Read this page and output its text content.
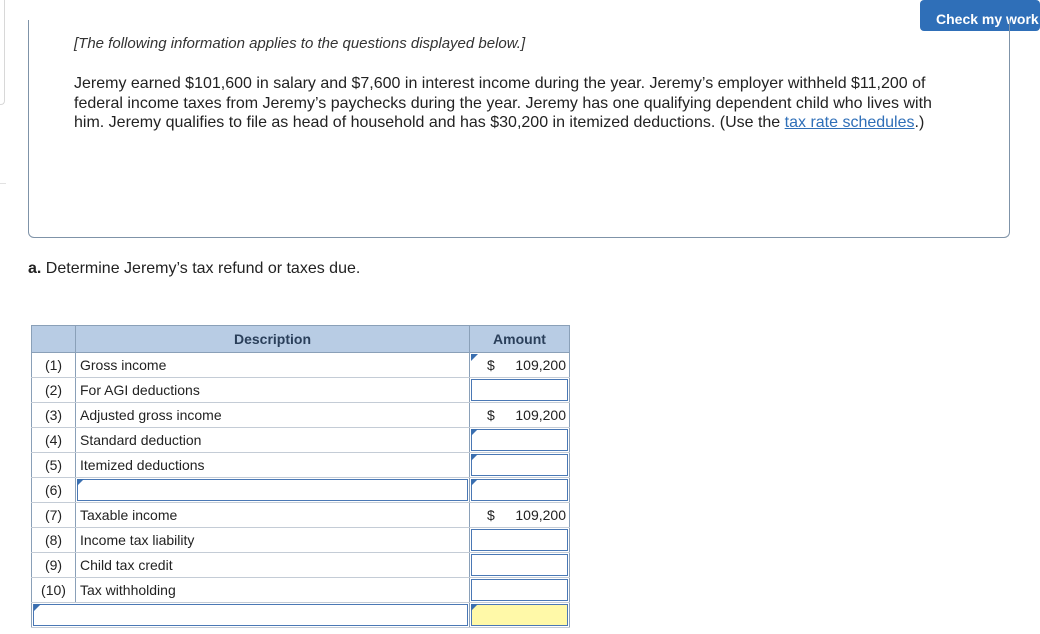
Check my work
[The following information applies to the questions displayed below.]
Jeremy earned $101,600 in salary and $7,600 in interest income during the year. Jeremy’s employer withheld $11,200 of federal income taxes from Jeremy’s paychecks during the year. Jeremy has one qualifying dependent child who lives with him. Jeremy qualifies to file as head of household and has $30,200 in itemized deductions. (Use the tax rate schedules.)
a. Determine Jeremy’s tax refund or taxes due.
	Description	Amount
(1)	Gross income	$ 109,200

(2)	For AGI deductions	

(3)	Adjusted gross income	$ 109,200

(4)	Standard deduction	

(5)	Itemized deductions	

(6)	

(7)	Taxable income	$ 109,200

(8)	Income tax liability	

(9)	Child tax credit	

(10)	Tax withholding	
